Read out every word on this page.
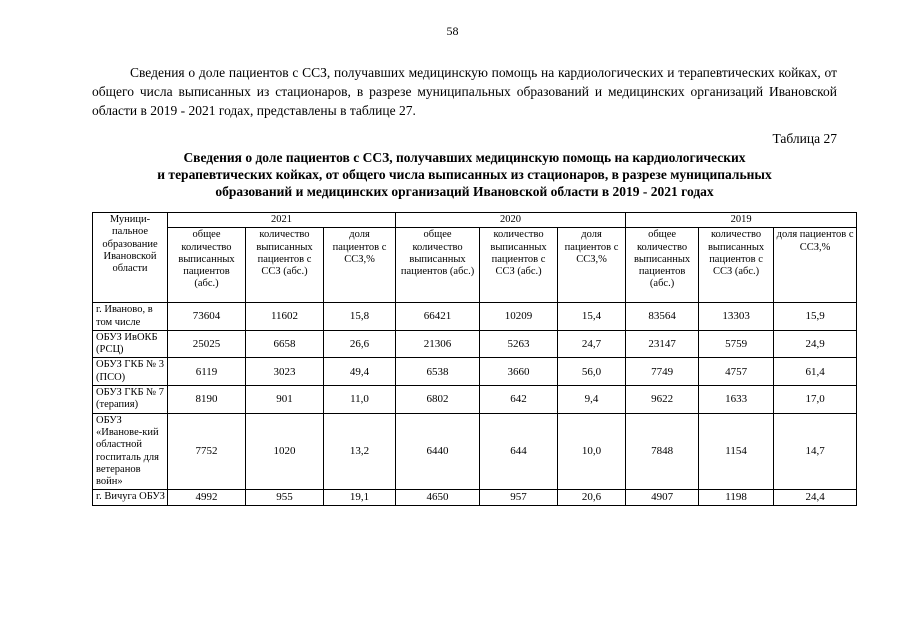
58

Сведения о доле пациентов с ССЗ, получавших медицинскую помощь на кардиологических и терапевтических койках, от общего числа выписанных из стационаров, в разрезе муниципальных образований и медицинских организаций Ивановской области в 2019 - 2021 годах, представлены в таблице 27.

Таблица 27
Сведения о доле пациентов с ССЗ, получавших медицинскую помощь на кардиологических
и терапевтических койках, от общего числа выписанных из стационаров, в разрезе муниципальных
образований и медицинских организаций Ивановской области в 2019 - 2021 годах
Муници-пальное образование Ивановской области	2021			2020			2019		
	общее количество выписанных пациентов (абс.)	количество выписанных пациентов с ССЗ (абс.)	доля пациентов с ССЗ,%	общее количество выписанных пациентов (абс.)	количество выписанных пациентов с ССЗ (абс.)	доля пациентов с ССЗ,%	общее количество выписанных пациентов (абс.)	количество выписанных пациентов с ССЗ (абс.)	доля пациентов с ССЗ,%
г. Иваново, в том числе	73604	11602	15,8	66421	10209	15,4	83564	13303	15,9
ОБУЗ ИвОКБ (РСЦ)	25025	6658	26,6	21306	5263	24,7	23147	5759	24,9
ОБУЗ ГКБ № 3 (ПСО)	6119	3023	49,4	6538	3660	56,0	7749	4757	61,4
ОБУЗ ГКБ № 7 (терапия)	8190	901	11,0	6802	642	9,4	9622	1633	17,0
ОБУЗ «Иванове-кий областной госпиталь для ветеранов войн»	7752	1020	13,2	6440	644	10,0	7848	1154	14,7
г. Вичуга ОБУЗ	4992	955	19,1	4650	957	20,6	4907	1198	24,4
